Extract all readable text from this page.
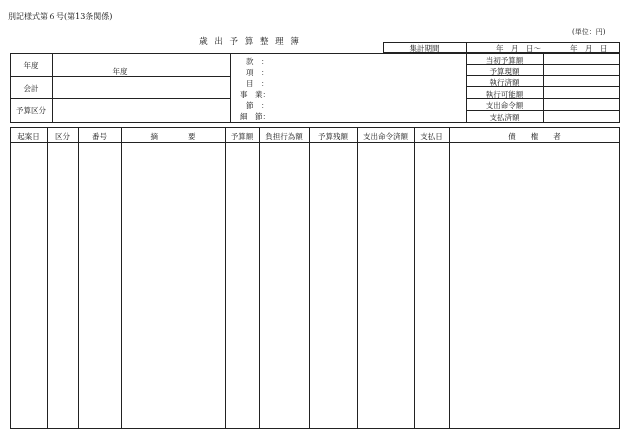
別記様式第６号(第13条関係)
(単位：円)
歳 出 予 算 整 理 簿
集計期間	年　月　日～	年　月　日
年度
年度
会計
予算区分
款　：
項　：
目　：
事　業：
節　：
細　節：
当初予算額
予算現額
執行済額
執行可能額
支出命令額
支払済額
起案日	区分	番号	摘　　　　要	予算額	負担行為額	予算残額	支出命令済額	支払日	債　　権　　者
